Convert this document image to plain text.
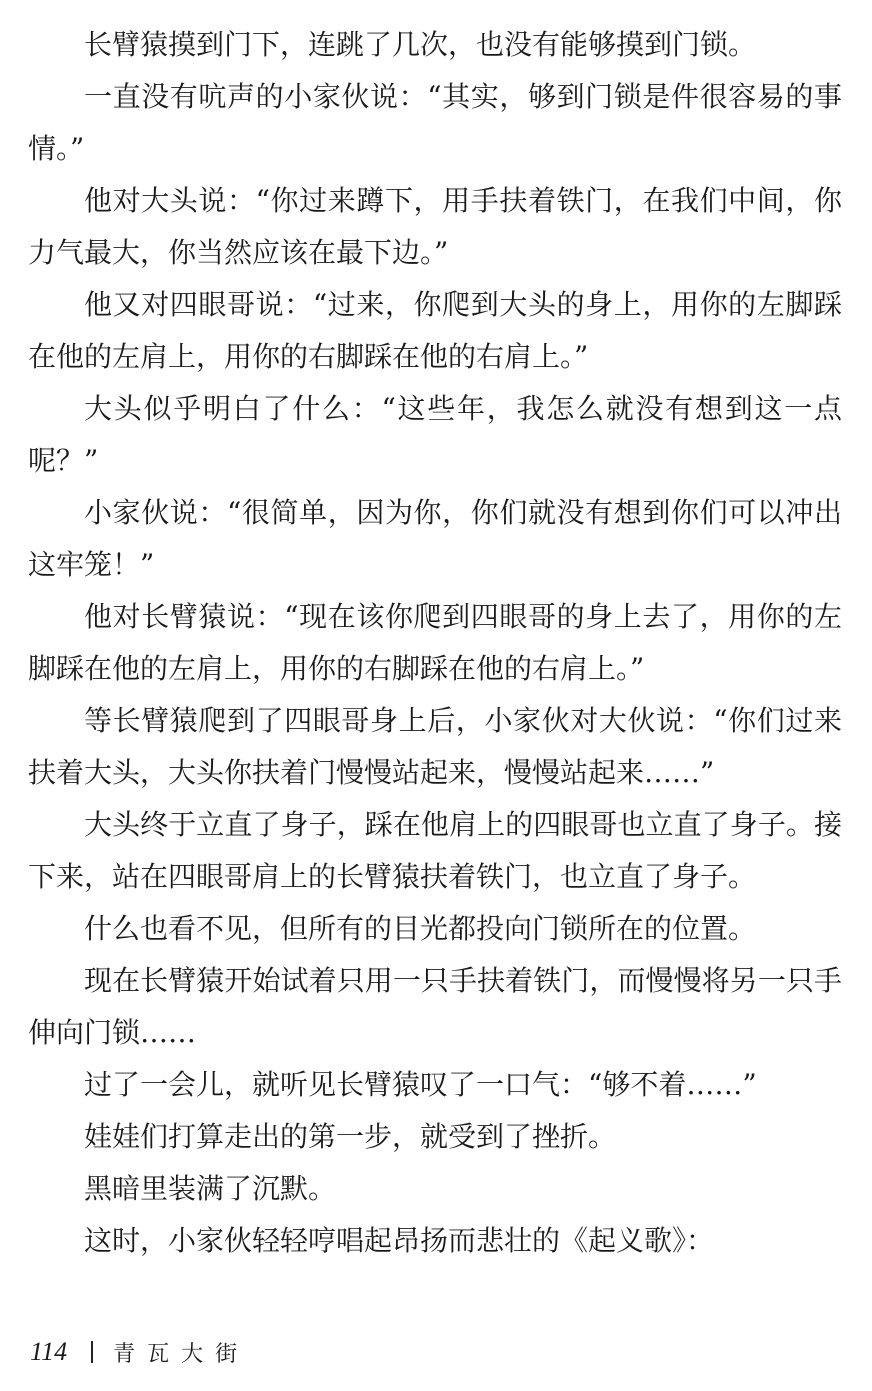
长臂猿摸到门下，连跳了几次，也没有能够摸到门锁。

一直没有吭声的小家伙说：“其实，够到门锁是件很容易的事情。”

他对大头说：“你过来蹲下，用手扶着铁门，在我们中间，你力气最大，你当然应该在最下边。”

他又对四眼哥说：“过来，你爬到大头的身上，用你的左脚踩在他的左肩上，用你的右脚踩在他的右肩上。”

大头似乎明白了什么：“这些年，我怎么就没有想到这一点呢？”

小家伙说：“很简单，因为你，你们就没有想到你们可以冲出这牢笼！”

他对长臂猿说：“现在该你爬到四眼哥的身上去了，用你的左脚踩在他的左肩上，用你的右脚踩在他的右肩上。”

等长臂猿爬到了四眼哥身上后，小家伙对大伙说：“你们过来扶着大头，大头你扶着门慢慢站起来，慢慢站起来……”

大头终于立直了身子，踩在他肩上的四眼哥也立直了身子。接下来，站在四眼哥肩上的长臂猿扶着铁门，也立直了身子。

什么也看不见，但所有的目光都投向门锁所在的位置。

现在长臂猿开始试着只用一只手扶着铁门，而慢慢将另一只手伸向门锁……

过了一会儿，就听见长臂猿叹了一口气：“够不着……”

娃娃们打算走出的第一步，就受到了挫折。

黑暗里装满了沉默。

这时，小家伙轻轻哼唱起昂扬而悲壮的《起义歌》：

114 青瓦大街
